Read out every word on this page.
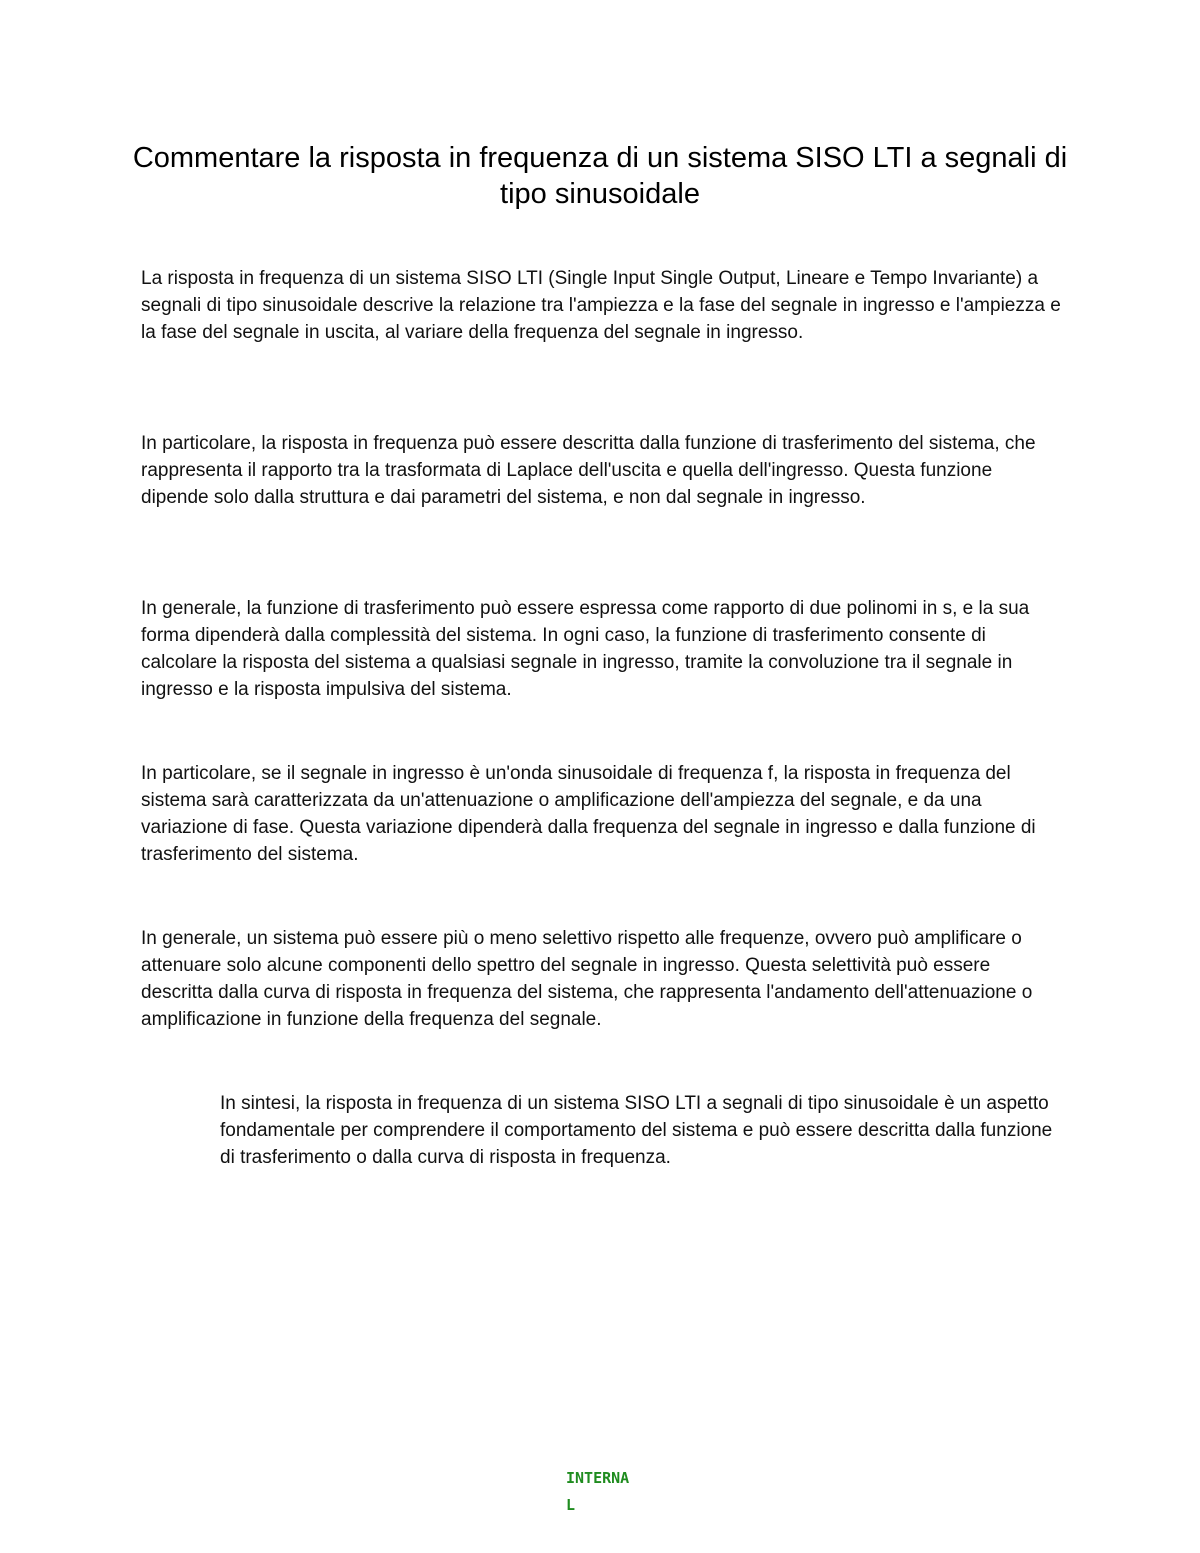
Commentare la risposta in frequenza di un sistema SISO LTI a segnali di tipo sinusoidale

La risposta in frequenza di un sistema SISO LTI (Single Input Single Output, Lineare e Tempo Invariante) a segnali di tipo sinusoidale descrive la relazione tra l'ampiezza e la fase del segnale in ingresso e l'ampiezza e la fase del segnale in uscita, al variare della frequenza del segnale in ingresso.

In particolare, la risposta in frequenza può essere descritta dalla funzione di trasferimento del sistema, che rappresenta il rapporto tra la trasformata di Laplace dell'uscita e quella dell'ingresso. Questa funzione dipende solo dalla struttura e dai parametri del sistema, e non dal segnale in ingresso.

In generale, la funzione di trasferimento può essere espressa come rapporto di due polinomi in s, e la sua forma dipenderà dalla complessità del sistema. In ogni caso, la funzione di trasferimento consente di calcolare la risposta del sistema a qualsiasi segnale in ingresso, tramite la convoluzione tra il segnale in ingresso e la risposta impulsiva del sistema.

In particolare, se il segnale in ingresso è un'onda sinusoidale di frequenza f, la risposta in frequenza del sistema sarà caratterizzata da un'attenuazione o amplificazione dell'ampiezza del segnale, e da una variazione di fase. Questa variazione dipenderà dalla frequenza del segnale in ingresso e dalla funzione di trasferimento del sistema.

In generale, un sistema può essere più o meno selettivo rispetto alle frequenze, ovvero può amplificare o attenuare solo alcune componenti dello spettro del segnale in ingresso. Questa selettività può essere descritta dalla curva di risposta in frequenza del sistema, che rappresenta l'andamento dell'attenuazione o amplificazione in funzione della frequenza del segnale.

In sintesi, la risposta in frequenza di un sistema SISO LTI a segnali di tipo sinusoidale è un aspetto fondamentale per comprendere il comportamento del sistema e può essere descritta dalla funzione di trasferimento o dalla curva di risposta in frequenza.

INTERNAL
